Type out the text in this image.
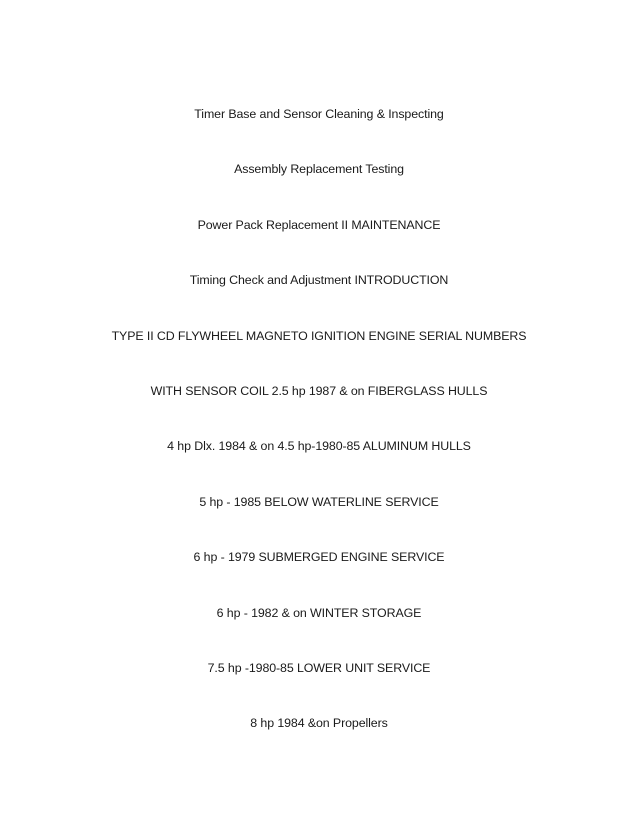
Timer Base and Sensor Cleaning & Inspecting
Assembly Replacement Testing
Power Pack Replacement II MAINTENANCE
Timing Check and Adjustment INTRODUCTION
TYPE II CD FLYWHEEL MAGNETO IGNITION ENGINE SERIAL NUMBERS
WITH SENSOR COIL 2.5 hp 1987 & on FIBERGLASS HULLS
4 hp Dlx. 1984 & on 4.5 hp-1980-85 ALUMINUM HULLS
5 hp - 1985 BELOW WATERLINE SERVICE
6 hp - 1979 SUBMERGED ENGINE SERVICE
6 hp - 1982 & on WINTER STORAGE
7.5 hp -1980-85 LOWER UNIT SERVICE
8 hp 1984 &on Propellers
